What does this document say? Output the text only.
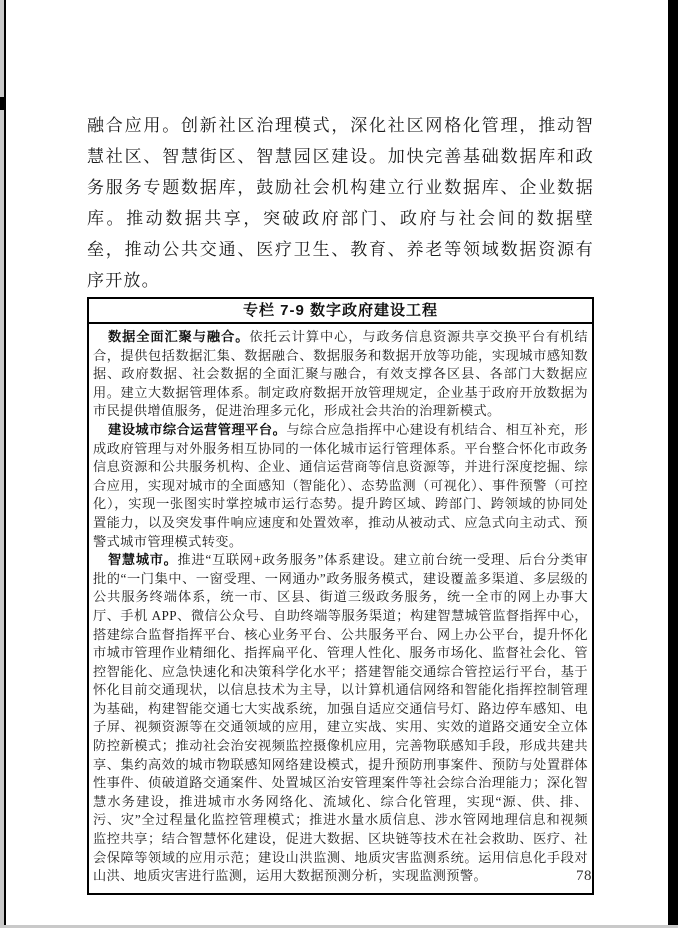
融合应用。创新社区治理模式，深化社区网格化管理，推动智慧社区、智慧街区、智慧园区建设。加快完善基础数据库和政务服务专题数据库，鼓励社会机构建立行业数据库、企业数据库。推动数据共享，突破政府部门、政府与社会间的数据壁垒，推动公共交通、医疗卫生、教育、养老等领域数据资源有序开放。

专栏 7-9 数字政府建设工程

数据全面汇聚与融合。依托云计算中心，与政务信息资源共享交换平台有机结合，提供包括数据汇集、数据融合、数据服务和数据开放等功能，实现城市感知数据、政府数据、社会数据的全面汇聚与融合，有效支撑各区县、各部门大数据应用。建立大数据管理体系。制定政府数据开放管理规定，企业基于政府开放数据为市民提供增值服务，促进治理多元化，形成社会共治的治理新模式。

建设城市综合运营管理平台。与综合应急指挥中心建设有机结合、相互补充，形成政府管理与对外服务相互协同的一体化城市运行管理体系。平台整合怀化市政务信息资源和公共服务机构、企业、通信运营商等信息资源等，并进行深度挖掘、综合应用，实现对城市的全面感知（智能化）、态势监测（可视化）、事件预警（可控化），实现一张图实时掌控城市运行态势。提升跨区域、跨部门、跨领域的协同处置能力，以及突发事件响应速度和处置效率，推动从被动式、应急式向主动式、预警式城市管理模式转变。

智慧城市。推进“互联网+政务服务”体系建设。建立前台统一受理、后台分类审批的“一门集中、一窗受理、一网通办”政务服务模式，建设覆盖多渠道、多层级的公共服务终端体系，统一市、区县、街道三级政务服务，统一全市的网上办事大厅、手机 APP、微信公众号、自助终端等服务渠道；构建智慧城管监督指挥中心，搭建综合监督指挥平台、核心业务平台、公共服务平台、网上办公平台，提升怀化市城市管理作业精细化、指挥扁平化、管理人性化、服务市场化、监督社会化、管控智能化、应急快速化和决策科学化水平；搭建智能交通综合管控运行平台，基于怀化目前交通现状，以信息技术为主导，以计算机通信网络和智能化指挥控制管理为基础，构建智能交通七大实战系统，加强自适应交通信号灯、路边停车感知、电子屏、视频资源等在交通领域的应用，建立实战、实用、实效的道路交通安全立体防控新模式；推动社会治安视频监控摄像机应用，完善物联感知手段，形成共建共享、集约高效的城市物联感知网络建设模式，提升预防刑事案件、预防与处置群体性事件、侦破道路交通案件、处置城区治安管理案件等社会综合治理能力；深化智慧水务建设，推进城市水务网络化、流域化、综合化管理，实现“源、供、排、污、灾”全过程量化监控管理模式；推进水量水质信息、涉水管网地理信息和视频监控共享；结合智慧怀化建设，促进大数据、区块链等技术在社会救助、医疗、社会保障等领域的应用示范；建设山洪监测、地质灾害监测系统。运用信息化手段对山洪、地质灾害进行监测，运用大数据预测分析，实现监测预警。	78
